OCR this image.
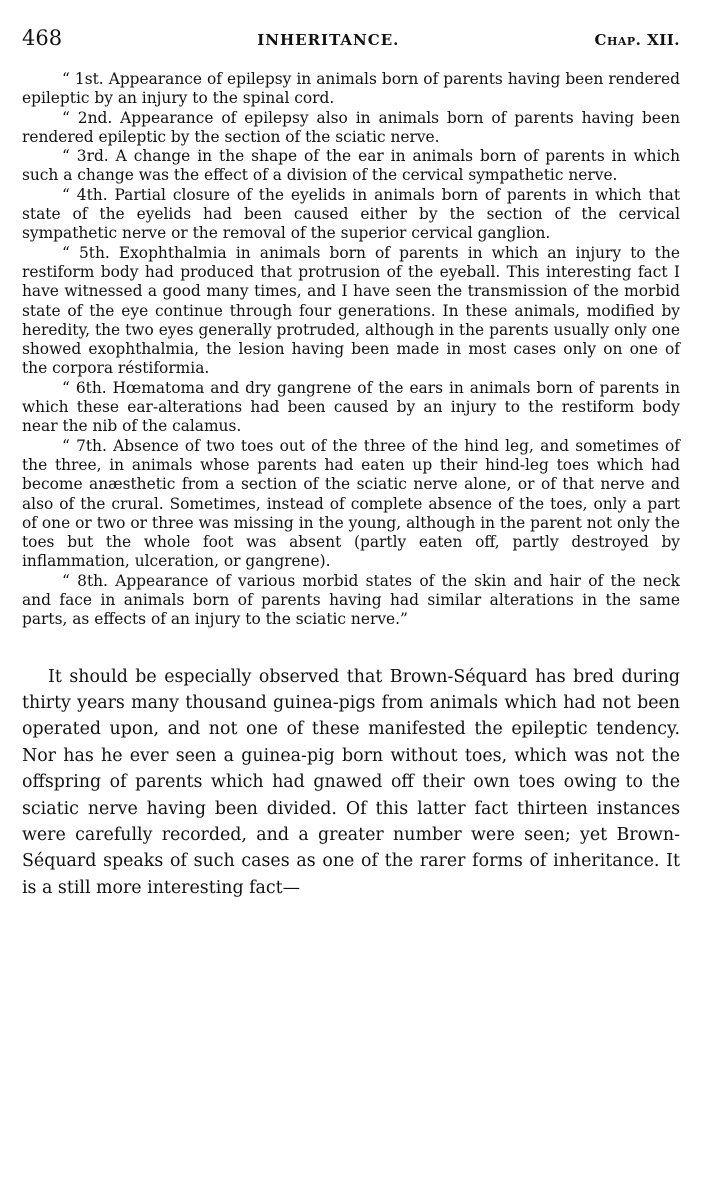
468	INHERITANCE.	Chap. XII.

“ 1st. Appearance of epilepsy in animals born of parents having been rendered epileptic by an injury to the spinal cord.

“ 2nd. Appearance of epilepsy also in animals born of parents having been rendered epileptic by the section of the sciatic nerve.

“ 3rd. A change in the shape of the ear in animals born of parents in which such a change was the effect of a division of the cervical sympathetic nerve.

“ 4th. Partial closure of the eyelids in animals born of parents in which that state of the eyelids had been caused either by the section of the cervical sympathetic nerve or the removal of the superior cervical ganglion.

“ 5th. Exophthalmia in animals born of parents in which an injury to the restiform body had produced that protrusion of the eyeball. This interesting fact I have witnessed a good many times, and I have seen the transmission of the morbid state of the eye continue through four generations. In these animals, modified by heredity, the two eyes generally protruded, although in the parents usually only one showed exophthalmia, the lesion having been made in most cases only on one of the corpora réstiformia.

“ 6th. Hœmatoma and dry gangrene of the ears in animals born of parents in which these ear-alterations had been caused by an injury to the restiform body near the nib of the calamus.

“ 7th. Absence of two toes out of the three of the hind leg, and sometimes of the three, in animals whose parents had eaten up their hind-leg toes which had become anæsthetic from a section of the sciatic nerve alone, or of that nerve and also of the crural. Sometimes, instead of complete absence of the toes, only a part of one or two or three was missing in the young, although in the parent not only the toes but the whole foot was absent (partly eaten off, partly destroyed by inflammation, ulceration, or gangrene).

“ 8th. Appearance of various morbid states of the skin and hair of the neck and face in animals born of parents having had similar alterations in the same parts, as effects of an injury to the sciatic nerve.”

It should be especially observed that Brown-Séquard has bred during thirty years many thousand guinea-pigs from animals which had not been operated upon, and not one of these manifested the epileptic tendency. Nor has he ever seen a guinea-pig born without toes, which was not the offspring of parents which had gnawed off their own toes owing to the sciatic nerve having been divided. Of this latter fact thirteen instances were carefully recorded, and a greater number were seen; yet Brown-Séquard speaks of such cases as one of the rarer forms of inheritance. It is a still more interesting fact—
